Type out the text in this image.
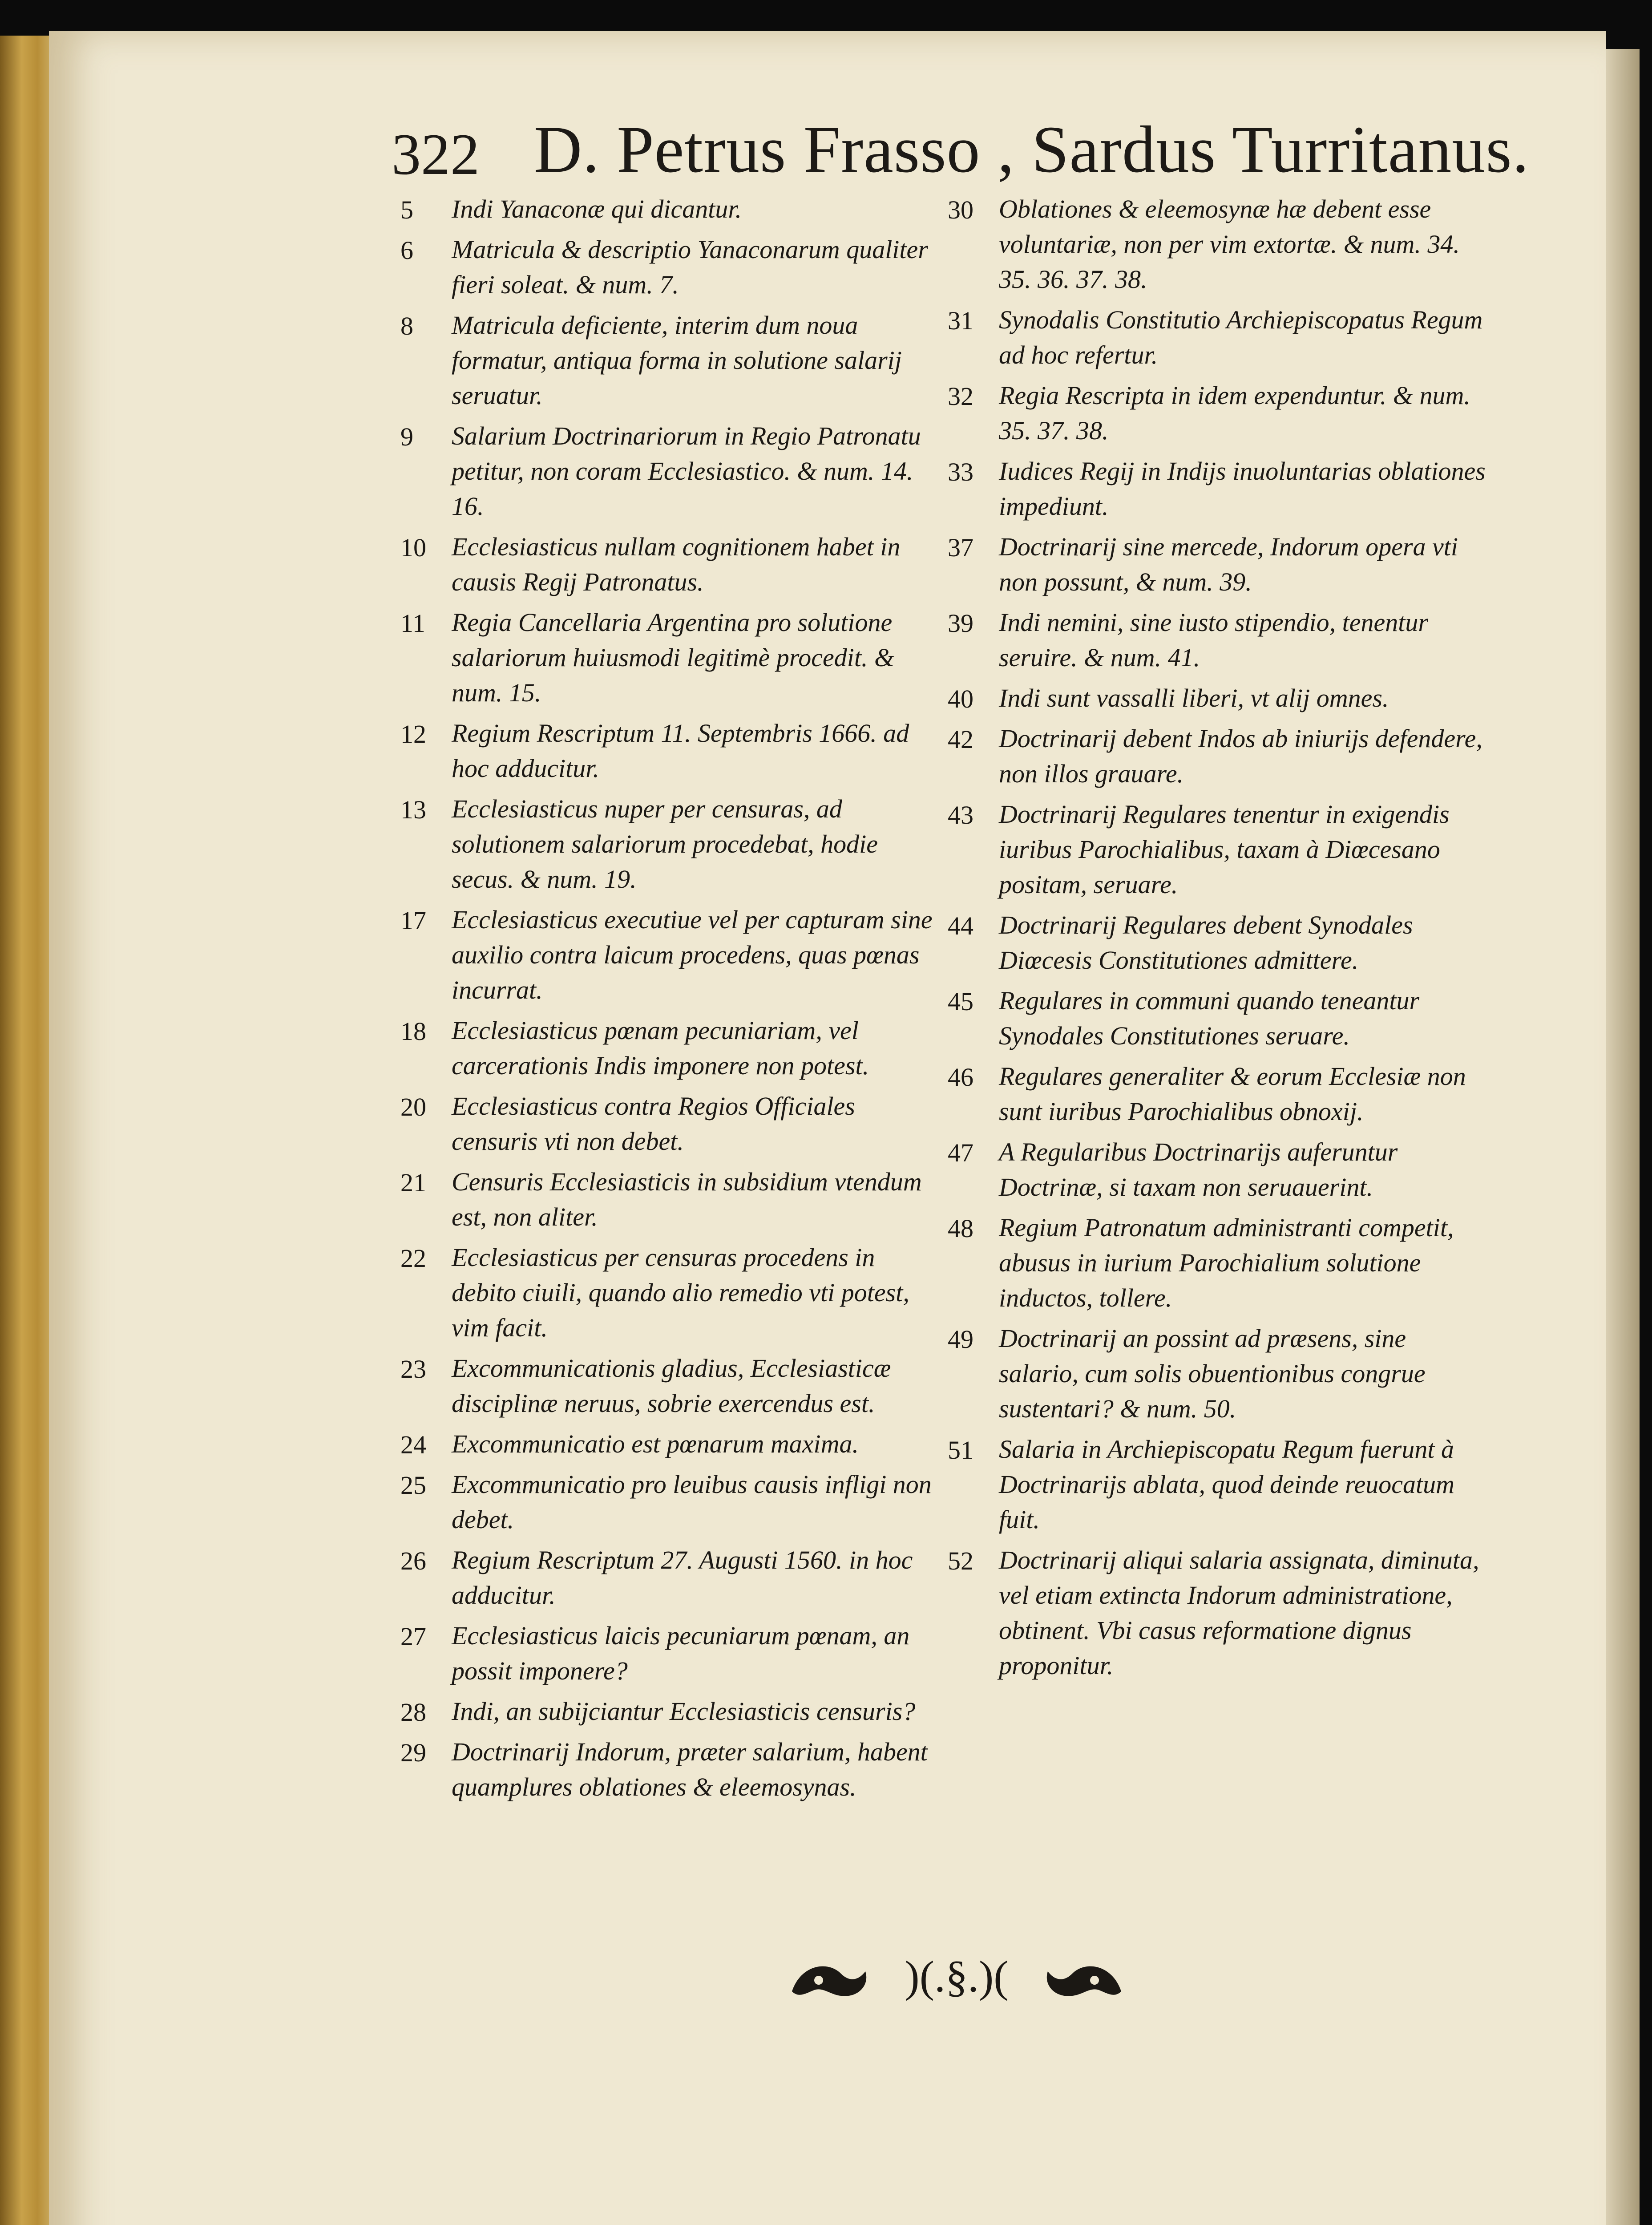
322 D. Petrus Frasso , Sardus Turritanus.
5 Indi Yanaconæ qui dicantur.
6 Matricula & descriptio Yanaconarum qualiter fieri soleat. & num. 7.
8 Matricula deficiente, interim dum noua formatur, antiqua forma in solutione salarij seruatur.
9 Salarium Doctrinariorum in Regio Patronatu petitur, non coram Ecclesiastico. & num. 14. 16.
10 Ecclesiasticus nullam cognitionem habet in causis Regij Patronatus.
11 Regia Cancellaria Argentina pro solutione salariorum huiusmodi legitimè procedit. & num. 15.
12 Regium Rescriptum 11. Septembris 1666. ad hoc adducitur.
13 Ecclesiasticus nuper per censuras, ad solutionem salariorum procedebat, hodie secus. & num. 19.
17 Ecclesiasticus executiue vel per capturam sine auxilio contra laicum procedens, quas pœnas incurrat.
18 Ecclesiasticus pœnam pecuniariam, vel carcerationis Indis imponere non potest.
20 Ecclesiasticus contra Regios Officiales censuris vti non debet.
21 Censuris Ecclesiasticis in subsidium vtendum est, non aliter.
22 Ecclesiasticus per censuras procedens in debito ciuili, quando alio remedio vti potest, vim facit.
23 Excommunicationis gladius, Ecclesiasticæ disciplinæ neruus, sobrie exercendus est.
24 Excommunicatio est pœnarum maxima.
25 Excommunicatio pro leuibus causis infligi non debet.
26 Regium Rescriptum 27. Augusti 1560. in hoc adducitur.
27 Ecclesiasticus laicis pecuniarum pœnam, an possit imponere?
28 Indi, an subijciantur Ecclesiasticis censuris?
29 Doctrinarij Indorum, præter salarium, habent quamplures oblationes & eleemosynas.
30 Oblationes & eleemosynæ hæ debent esse voluntariæ, non per vim extortæ. & num. 34. 35. 36. 37. 38.
31 Synodalis Constitutio Archiepiscopatus Regum ad hoc refertur.
32 Regia Rescripta in idem expenduntur. & num. 35. 37. 38.
33 Iudices Regij in Indijs inuoluntarias oblationes impediunt.
37 Doctrinarij sine mercede, Indorum opera vti non possunt, & num. 39.
39 Indi nemini, sine iusto stipendio, tenentur seruire. & num. 41.
40 Indi sunt vassalli liberi, vt alij omnes.
42 Doctrinarij debent Indos ab iniurijs defendere, non illos grauare.
43 Doctrinarij Regulares tenentur in exigendis iuribus Parochialibus, taxam à Diœcesano positam, seruare.
44 Doctrinarij Regulares debent Synodales Diœcesis Constitutiones admittere.
45 Regulares in communi quando teneantur Synodales Constitutiones seruare.
46 Regulares generaliter & eorum Ecclesiæ non sunt iuribus Parochialibus obnoxij.
47 A Regularibus Doctrinarijs auferuntur Doctrinæ, si taxam non seruauerint.
48 Regium Patronatum administranti competit, abusus in iurium Parochialium solutione inductos, tollere.
49 Doctrinarij an possint ad præsens, sine salario, cum solis obuentionibus congrue sustentari? & num. 50.
51 Salaria in Archiepiscopatu Regum fuerunt à Doctrinarijs ablata, quod deinde reuocatum fuit.
52 Doctrinarij aliqui salaria assignata, diminuta, vel etiam extincta Indorum administratione, obtinent. Vbi casus reformatione dignus proponitur.
)(.§.)(
